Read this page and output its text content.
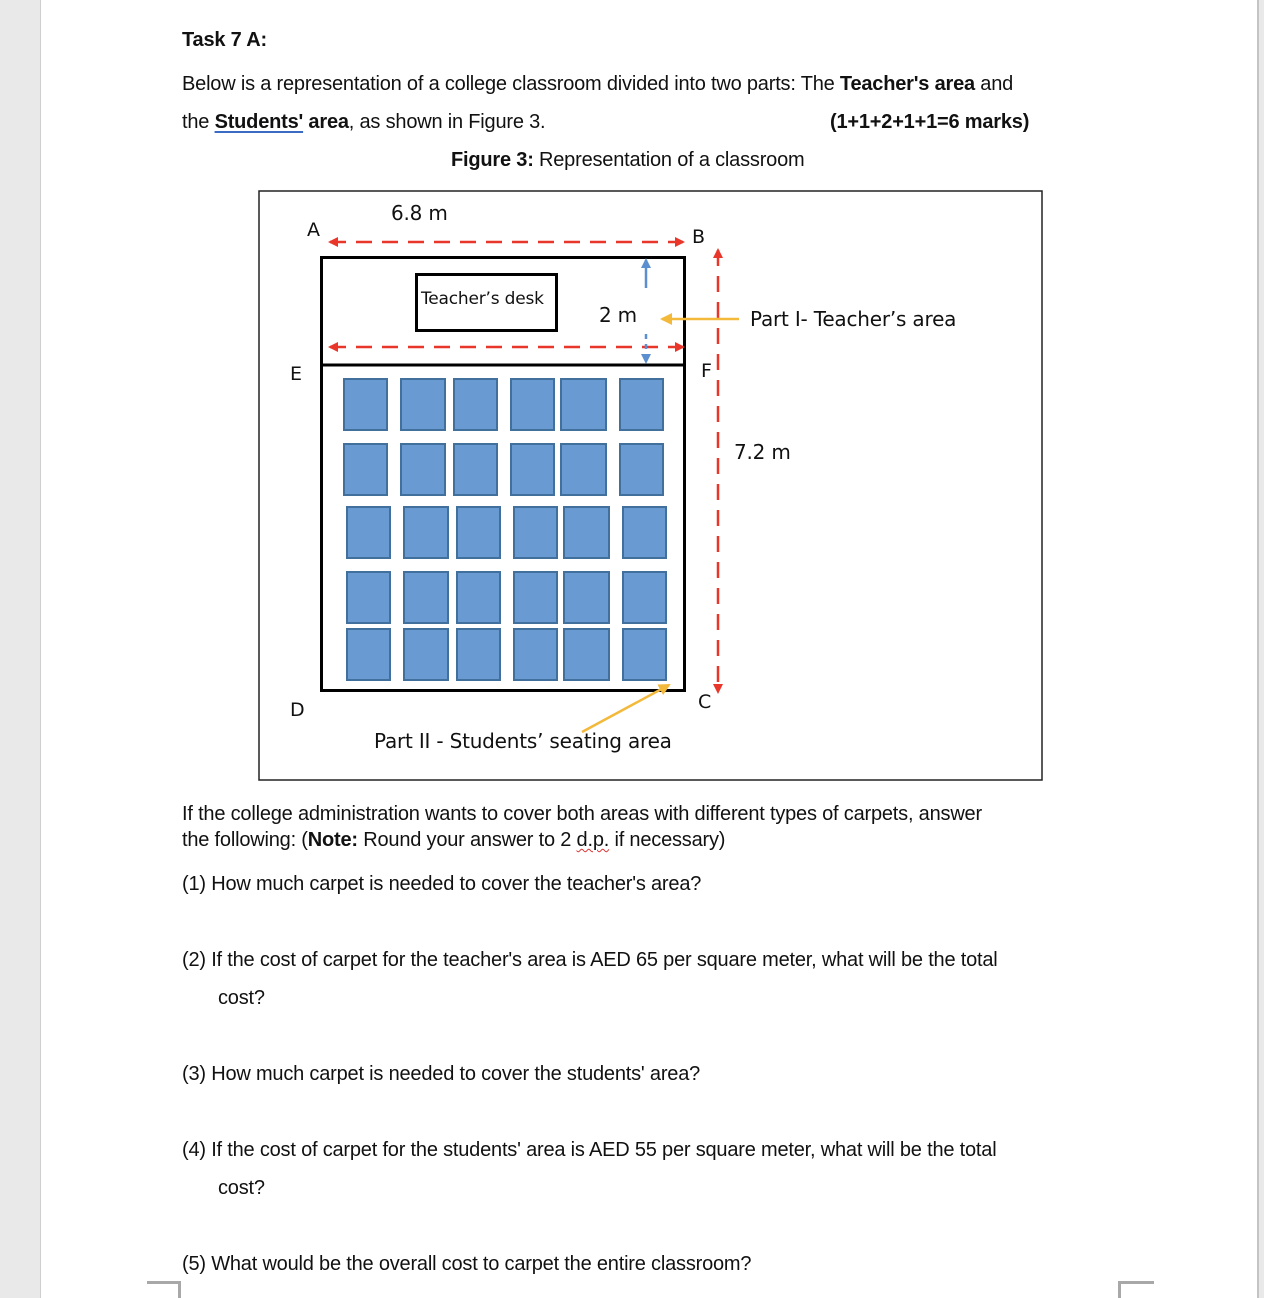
Task 7 A:
Below is a representation of a college classroom divided into two parts: The Teacher's area and
the Students' area, as shown in Figure 3.	(1+1+2+1+1=6 marks)
Figure 3: Representation of a classroom
6.8 m
A	B
Teacher’s desk
2 m	Part I- Teacher’s area
E	F
7.2 m
D	C
Part II - Students’ seating area
If the college administration wants to cover both areas with different types of carpets, answer
the following: (Note: Round your answer to 2 d.p. if necessary)
(1) How much carpet is needed to cover the teacher's area?
(2) If the cost of carpet for the teacher's area is AED 65 per square meter, what will be the total
cost?
(3) How much carpet is needed to cover the students' area?
(4) If the cost of carpet for the students' area is AED 55 per square meter, what will be the total
cost?
(5) What would be the overall cost to carpet the entire classroom?
